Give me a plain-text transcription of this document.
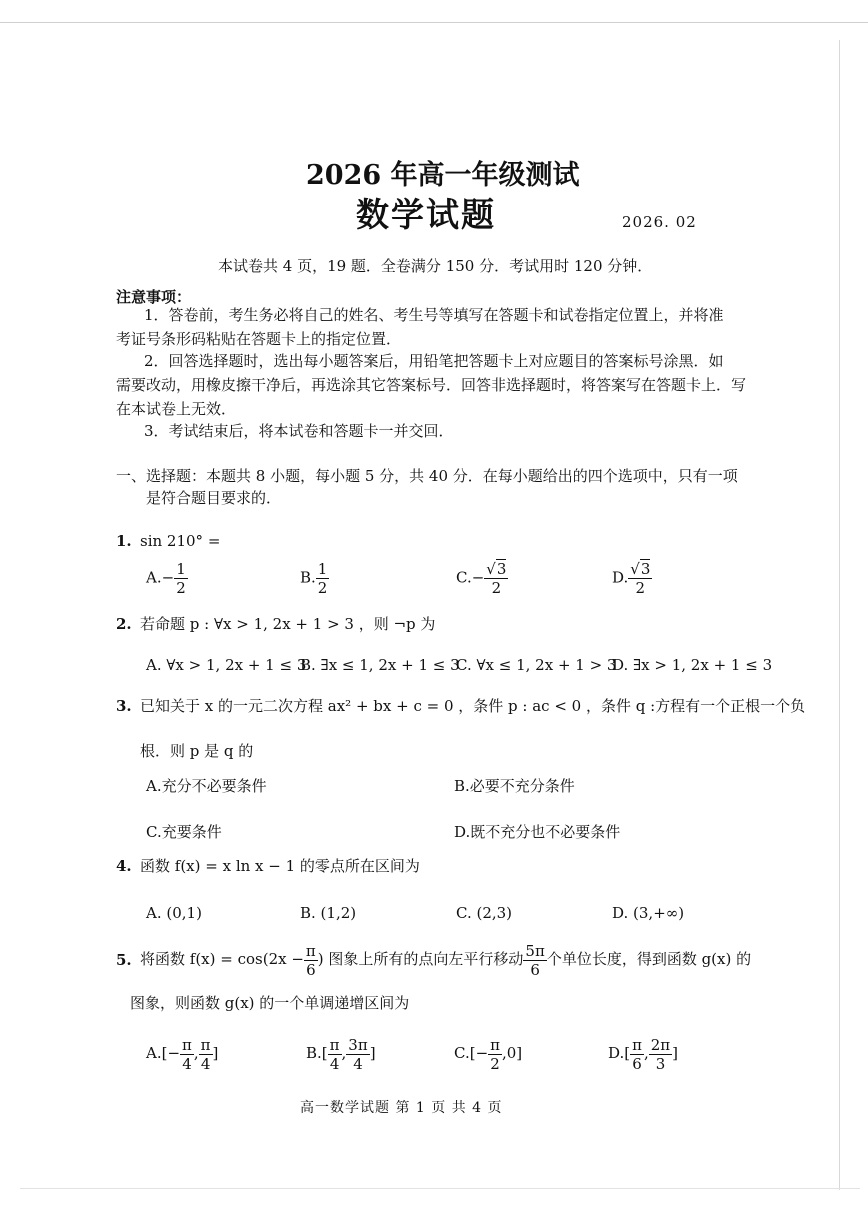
2026 年高一年级测试
数学试题	2026. 02
本试卷共 4 页，19 题．全卷满分 150 分．考试用时 120 分钟．
注意事项：
1．答卷前，考生务必将自己的姓名、考生号等填写在答题卡和试卷指定位置上，并将准
考证号条形码粘贴在答题卡上的指定位置．
2．回答选择题时，选出每小题答案后，用铅笔把答题卡上对应题目的答案标号涂黑．如
需要改动，用橡皮擦干净后，再选涂其它答案标号．回答非选择题时，将答案写在答题卡上．写
在本试卷上无效．
3．考试结束后，将本试卷和答题卡一并交回．
一、选择题：本题共 8 小题，每小题 5 分，共 40 分．在每小题给出的四个选项中，只有一项
是符合题目要求的．
1. sin 210° =
$A.- \frac{1}{2}$	B. $\frac{1}{2}$	$C.- \frac{√3}{2}$	D. $\frac{√3}{2}$
2. 若命题 p : ∀x > 1, 2x + 1 > 3 ，则 ¬p 为
A. ∀x > 1, 2x + 1 ≤ 3
B. ∃x ≤ 1, 2x + 1 ≤ 3
C. ∀x ≤ 1, 2x + 1 > 3
D. ∃x > 1, 2x + 1 ≤ 3
3. 已知关于 x 的一元二次方程 ax² + bx + c = 0 ，条件 p : ac < 0 ，条件 q :方程有一个正根一个负
根．则 p 是 q 的
A.充分不必要条件	B.必要不充分条件
C.充要条件	D.既不充分也不必要条件
4. 函数 f(x) = x ln x − 1 的零点所在区间为
A. (0,1)	B. (1,2)	C. (2,3)	D. (3,+∞)
5. 将函数 $f(x) = \cos(2x - \frac{\pi}{6}$ ) 图象上所有的点向左平行移动 $\frac{5\pi}{6}$ 个单位长度，得到函数 g(x) 的
图象，则函数 g(x) 的一个单调递增区间为
$A.[- \frac{\pi}{4}$ , $\frac{\pi}{4}$ ]	$B.[ \frac{\pi}{4}$ , $\frac{3\pi}{4}$ ]	$C.[- \frac{\pi}{2} ,0]$	$D.[ \frac{\pi}{6}$ , $\frac{2\pi}{3}$ ]
高一数学试题 第 1 页 共 4 页
